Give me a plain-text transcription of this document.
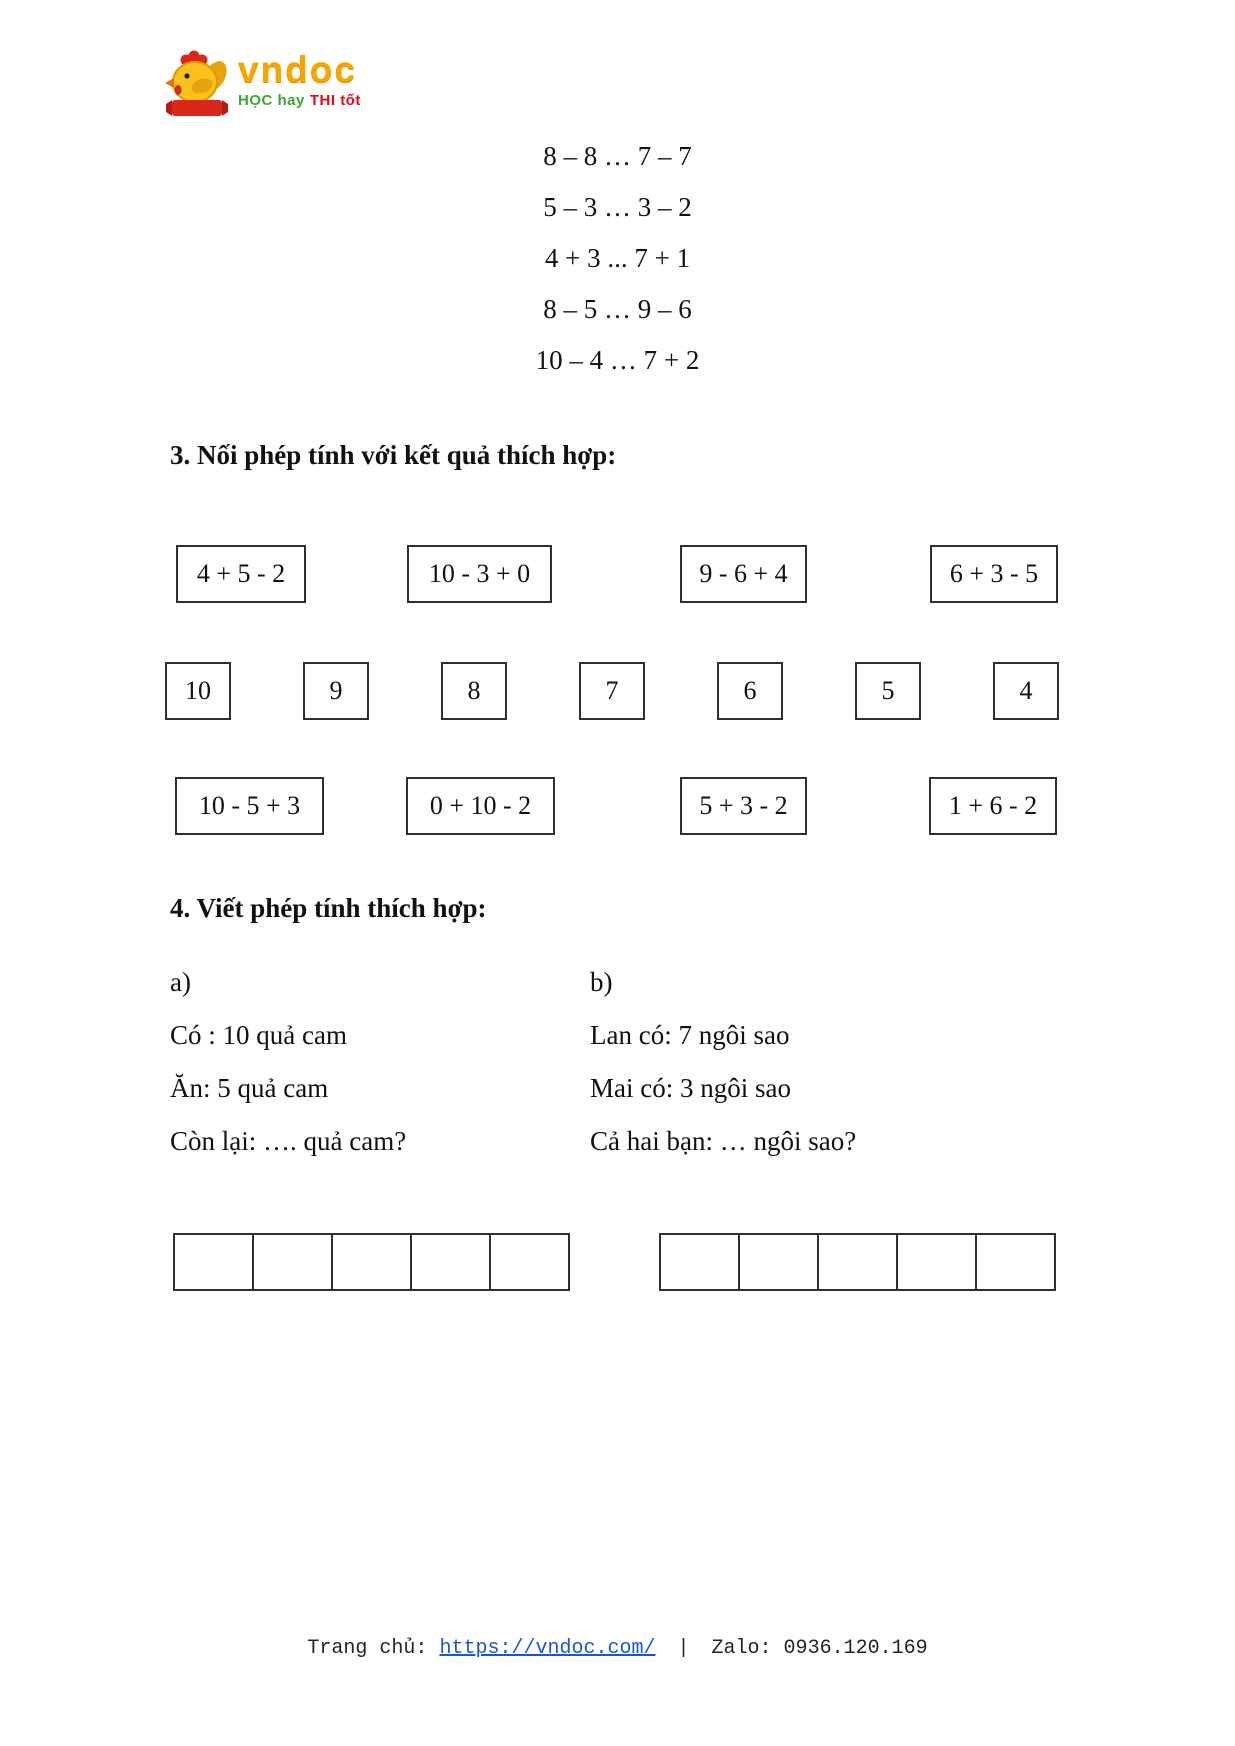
vndoc
HỌC hay THI tốt
8 – 8 … 7 – 7
5 – 3 … 3 – 2
4 + 3 ... 7 + 1
8 – 5 … 9 – 6
10 – 4 … 7 + 2
3. Nối phép tính với kết quả thích hợp:
4 + 5 - 2	10 - 3 + 0	9 - 6 + 4	6 + 3 - 5
10	9	8	7	6	5	4
10 - 5 + 3	0 + 10 - 2	5 + 3 - 2	1 + 6 - 2
4. Viết phép tính thích hợp:
a)
Có : 10 quả cam
Ăn: 5 quả cam
Còn lại: …. quả cam?
b)
Lan có: 7 ngôi sao
Mai có: 3 ngôi sao
Cả hai bạn: … ngôi sao?
Trang chủ: https://vndoc.com/ | Zalo: 0936.120.169
